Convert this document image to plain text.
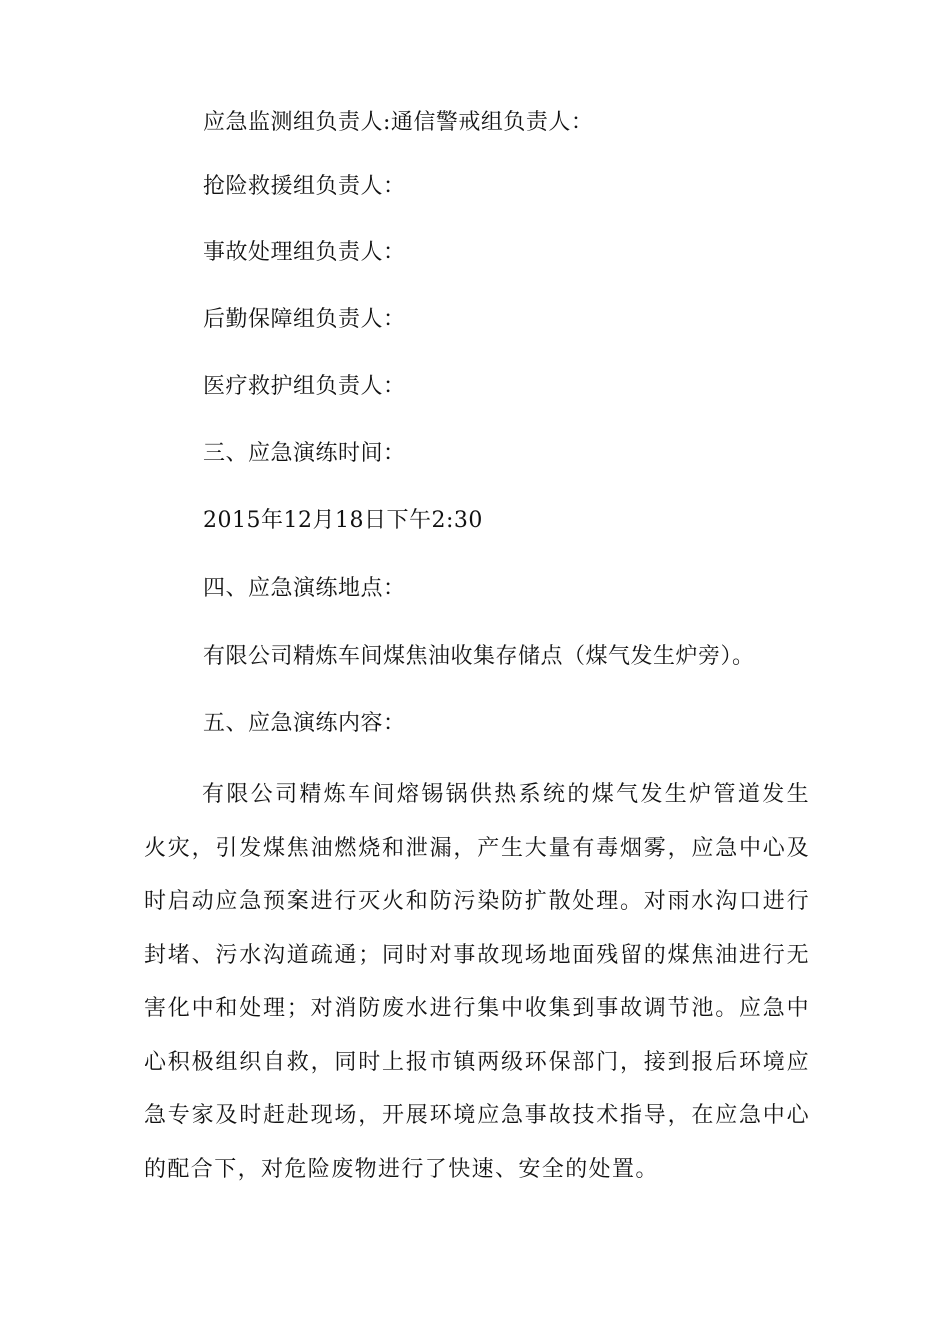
应急监测组负责人:通信警戒组负责人：
抢险救援组负责人：
事故处理组负责人：
后勤保障组负责人：
医疗救护组负责人：
三、应急演练时间：
2015年12月18日下午2:30
四、应急演练地点：
有限公司精炼车间煤焦油收集存储点（煤气发生炉旁）。
五、应急演练内容：
有限公司精炼车间熔锡锅供热系统的煤气发生炉管道发生火灾，引发煤焦油燃烧和泄漏，产生大量有毒烟雾，应急中心及时启动应急预案进行灭火和防污染防扩散处理。对雨水沟口进行封堵、污水沟道疏通；同时对事故现场地面残留的煤焦油进行无害化中和处理；对消防废水进行集中收集到事故调节池。应急中心积极组织自救，同时上报市镇两级环保部门，接到报后环境应急专家及时赶赴现场，开展环境应急事故技术指导，在应急中心的配合下，对危险废物进行了快速、安全的处置。
